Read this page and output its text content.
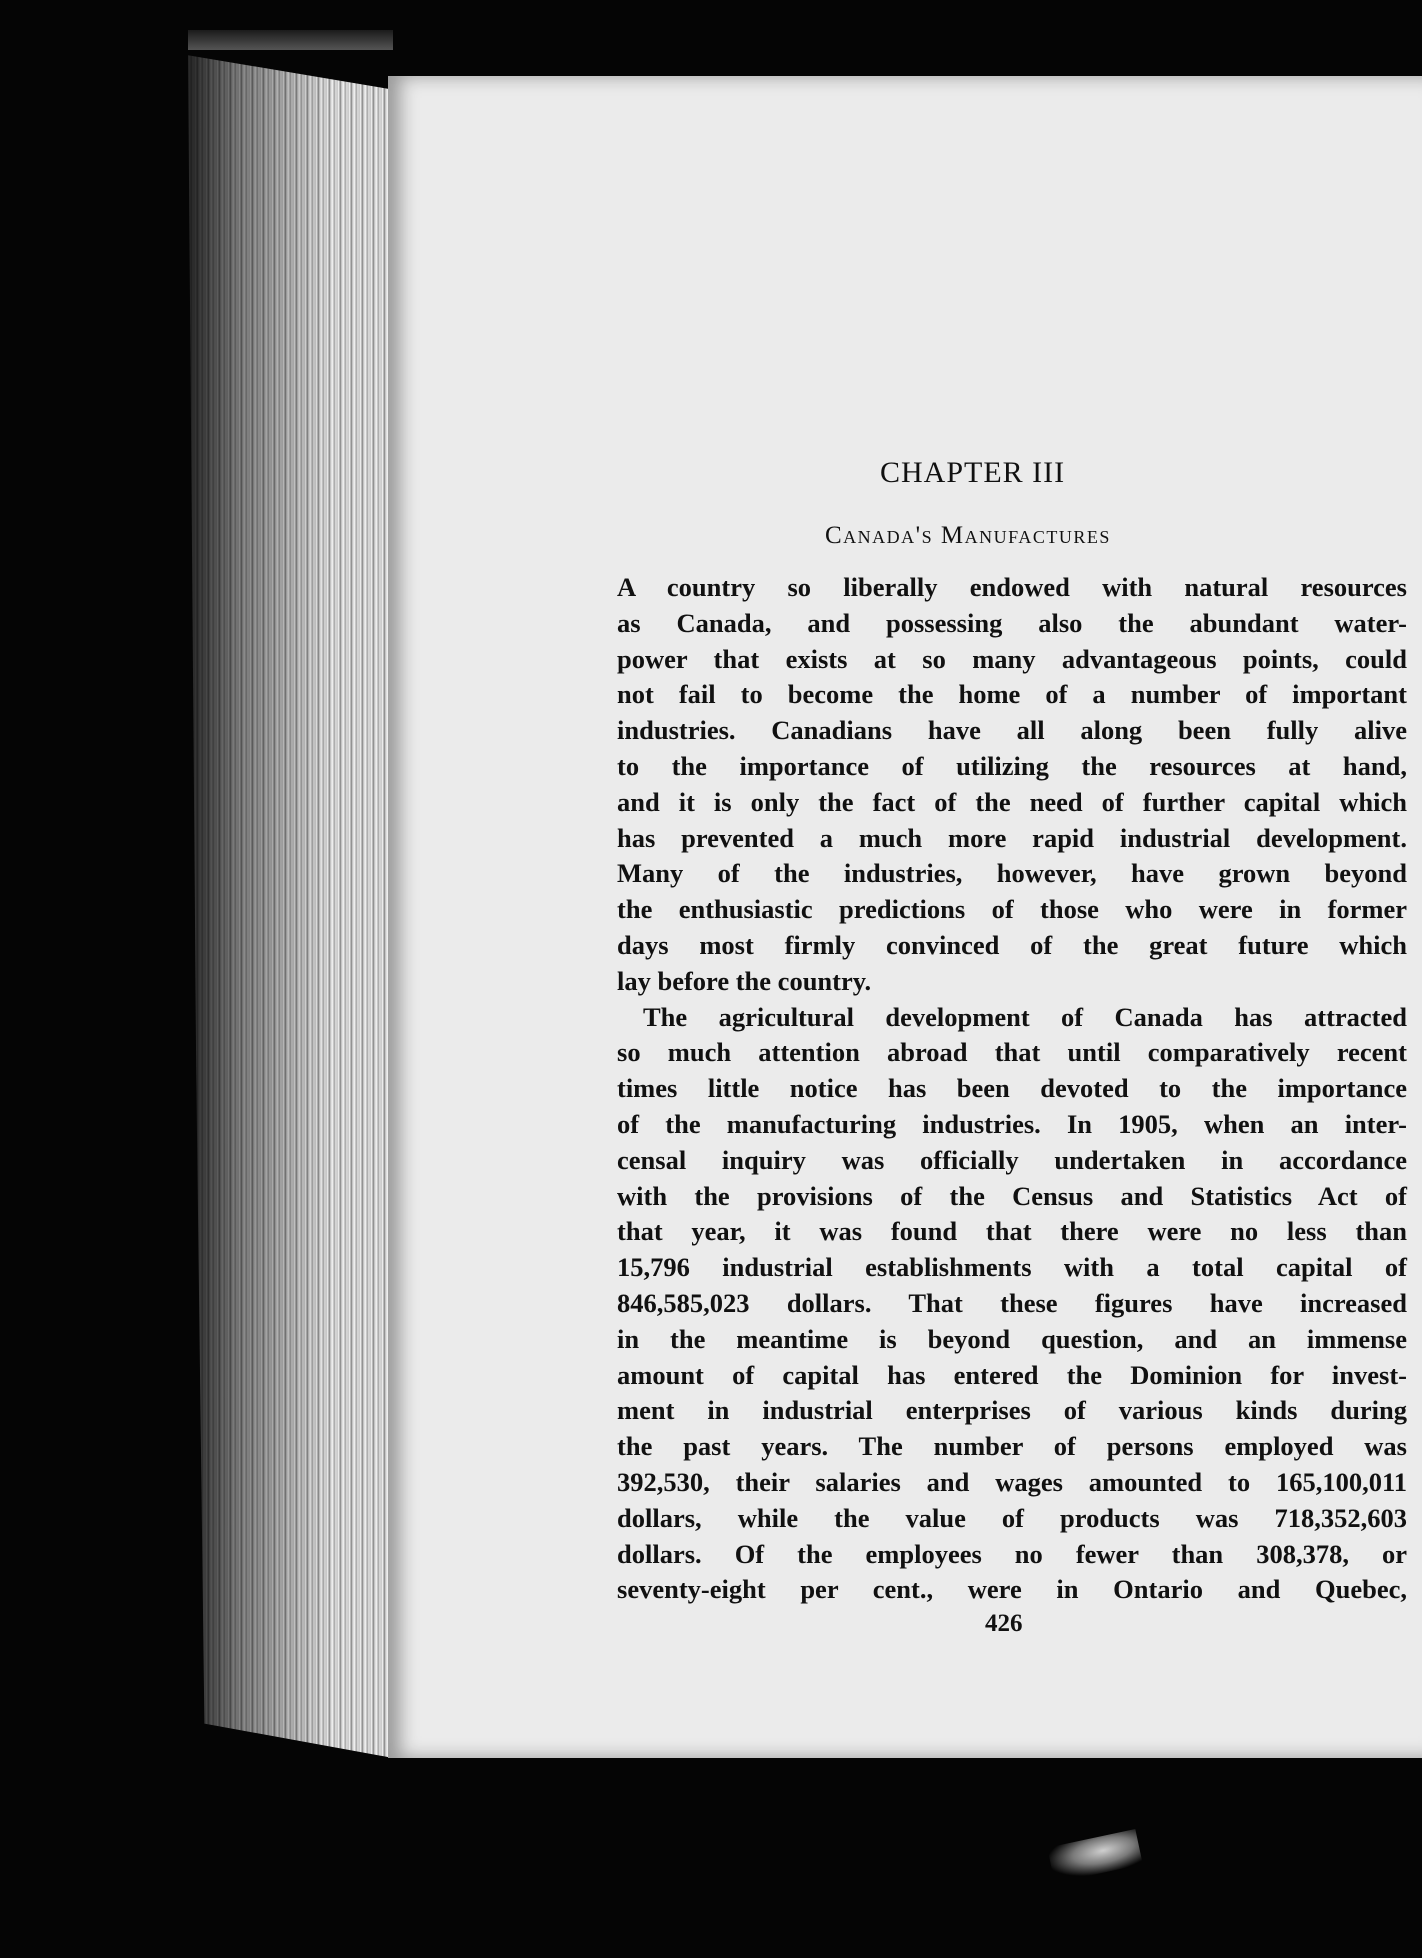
CHAPTER III
Canada's Manufactures

A country so liberally endowed with natural resources
as Canada, and possessing also the abundant water-
power that exists at so many advantageous points, could
not fail to become the home of a number of important
industries. Canadians have all along been fully alive
to the importance of utilizing the resources at hand,
and it is only the fact of the need of further capital which
has prevented a much more rapid industrial development.
Many of the industries, however, have grown beyond
the enthusiastic predictions of those who were in former
days most firmly convinced of the great future which
lay before the country.

The agricultural development of Canada has attracted
so much attention abroad that until comparatively recent
times little notice has been devoted to the importance
of the manufacturing industries. In 1905, when an inter-
censal inquiry was officially undertaken in accordance
with the provisions of the Census and Statistics Act of
that year, it was found that there were no less than
15,796 industrial establishments with a total capital of
846,585,023 dollars. That these figures have increased
in the meantime is beyond question, and an immense
amount of capital has entered the Dominion for invest-
ment in industrial enterprises of various kinds during
the past years. The number of persons employed was
392,530, their salaries and wages amounted to 165,100,011
dollars, while the value of products was 718,352,603
dollars. Of the employees no fewer than 308,378, or
seventy-eight per cent., were in Ontario and Quebec,

426
